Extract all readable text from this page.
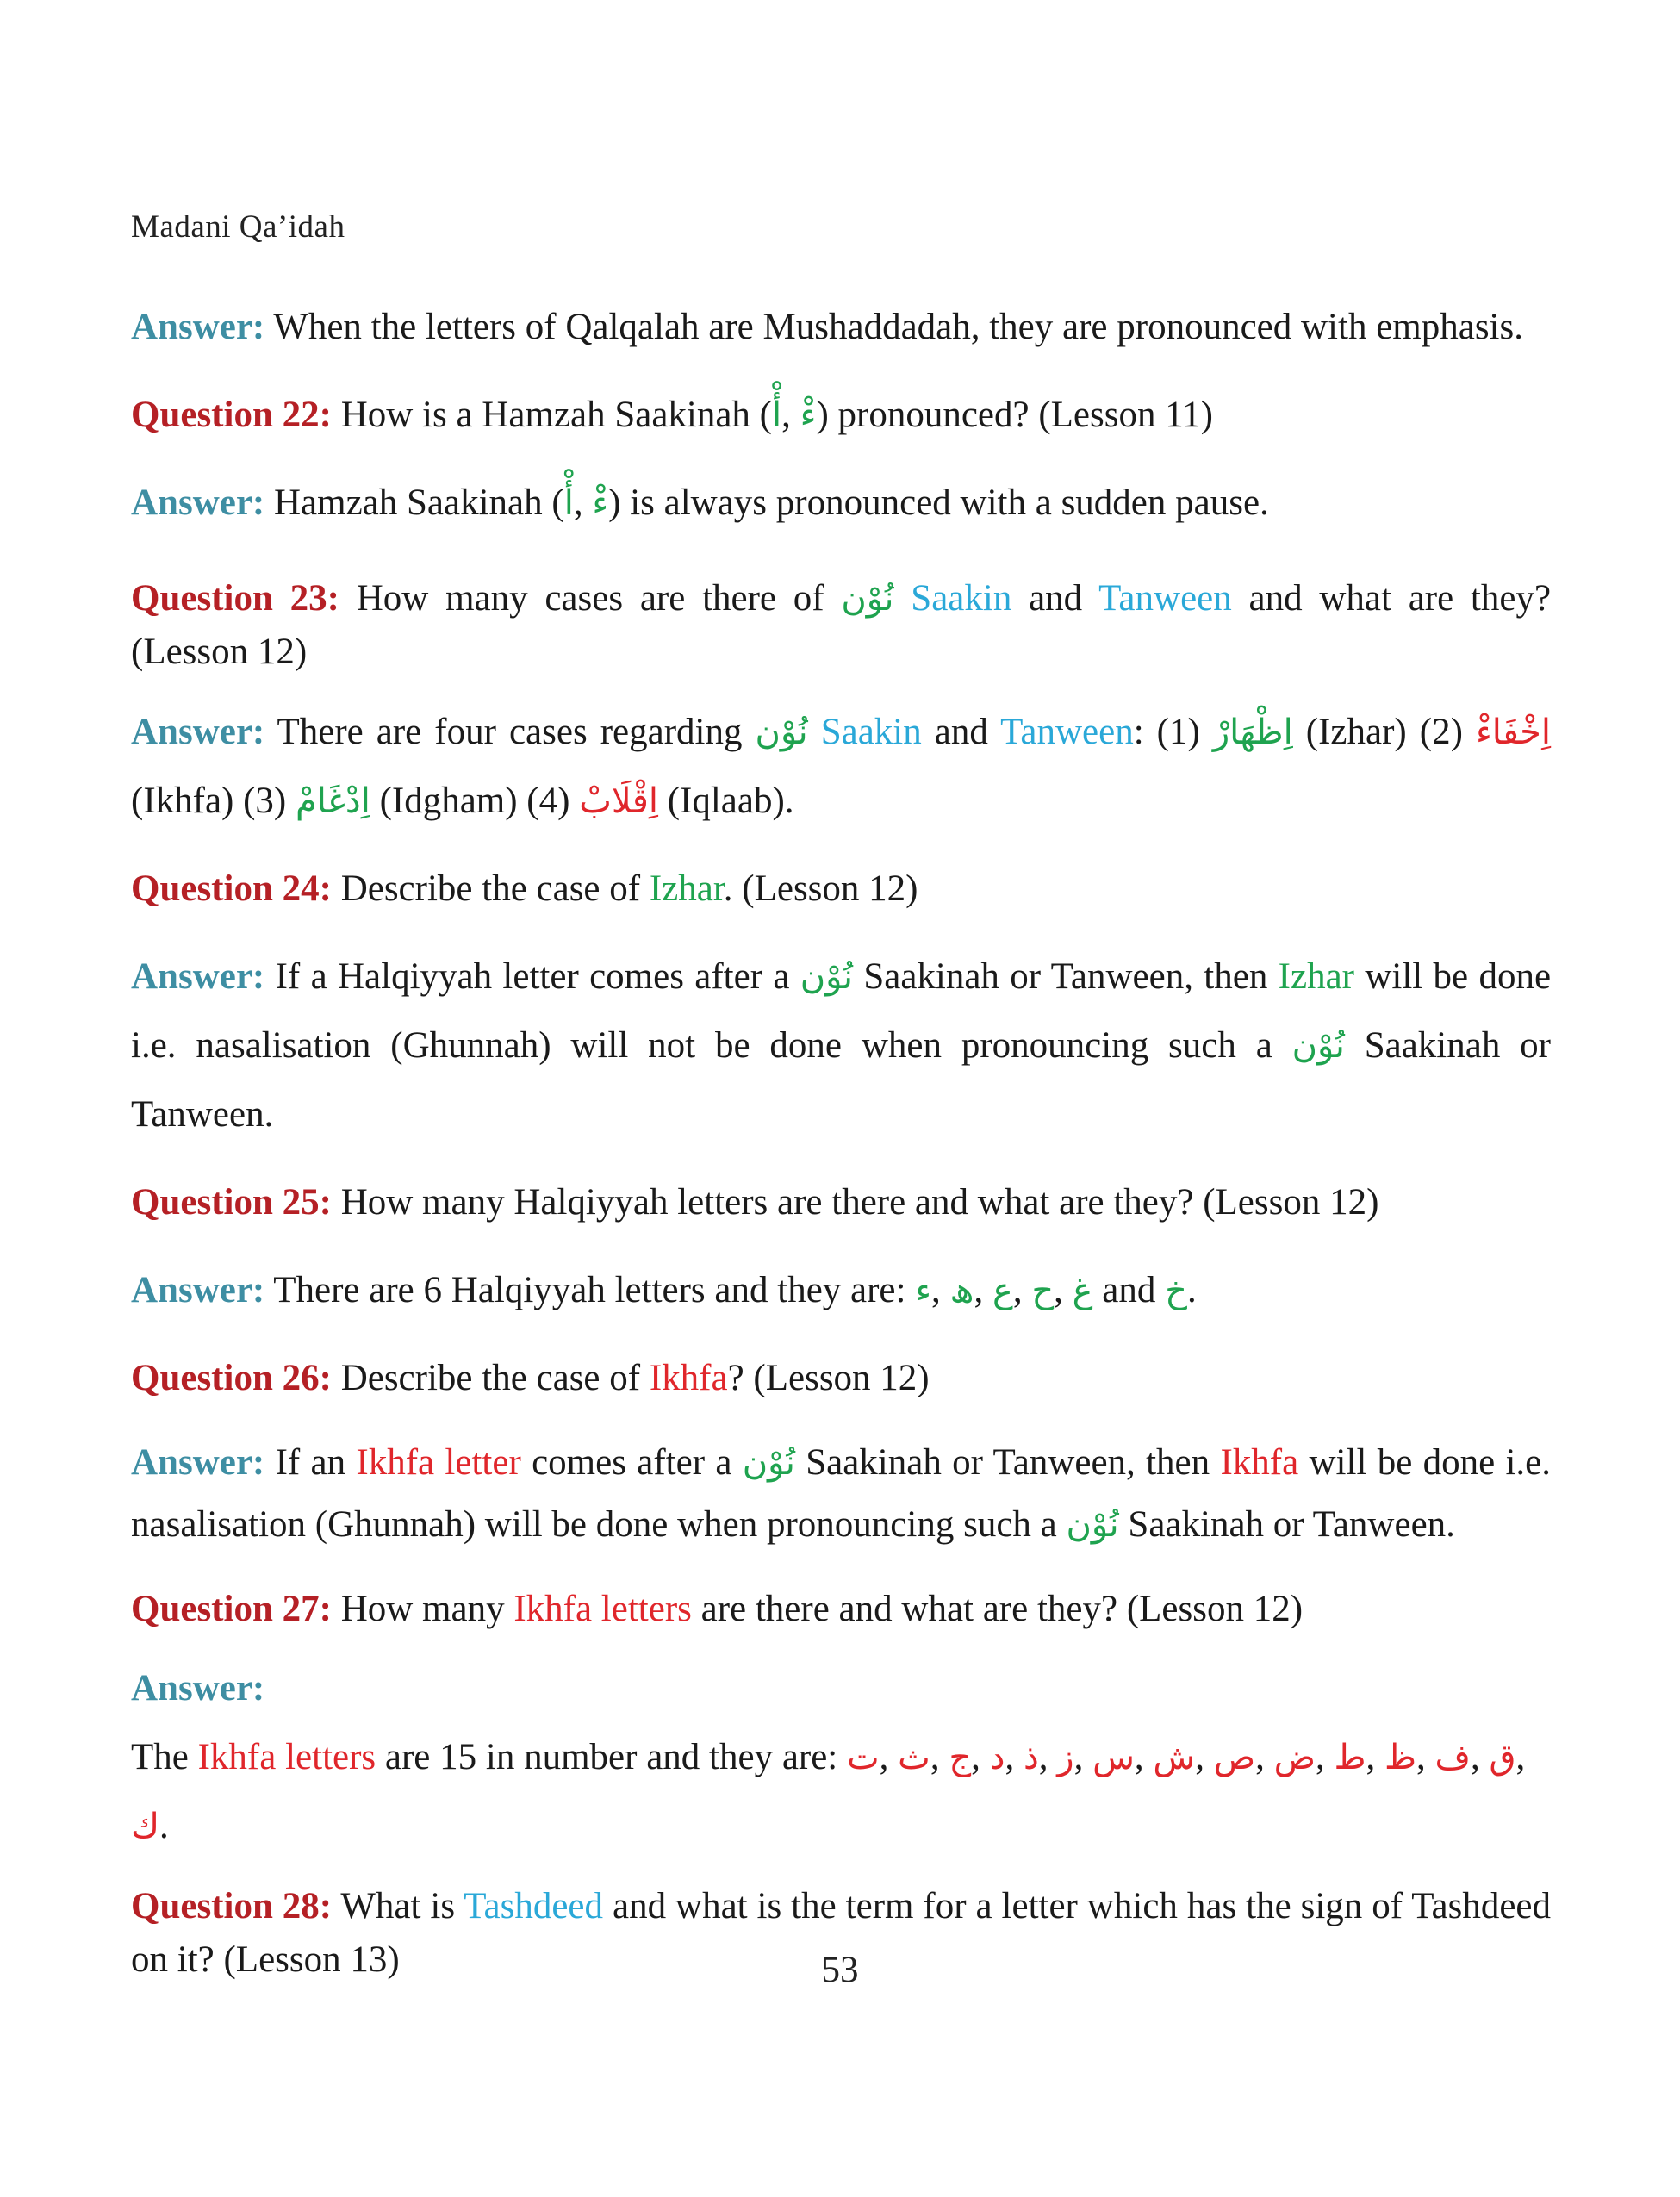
Madani Qa’idah

Answer: When the letters of Qalqalah are Mushaddadah, they are pronounced with emphasis.

Question 22: How is a Hamzah Saakinah (أْ, ءْ) pronounced? (Lesson 11)

Answer: Hamzah Saakinah (أْ, ءْ) is always pronounced with a sudden pause.

Question 23: How many cases are there of نُوْن Saakin and Tanween and what are they? (Lesson 12)

Answer: There are four cases regarding نُوْن Saakin and Tanween: (1) اِظْهَارْ (Izhar) (2) اِخْفَاءْ (Ikhfa) (3) اِدْغَامْ (Idgham) (4) اِقْلَابْ (Iqlaab).

Question 24: Describe the case of Izhar. (Lesson 12)

Answer: If a Halqiyyah letter comes after a نُوْن Saakinah or Tanween, then Izhar will be done i.e. nasalisation (Ghunnah) will not be done when pronouncing such a نُوْن Saakinah or Tanween.

Question 25: How many Halqiyyah letters are there and what are they? (Lesson 12)

Answer: There are 6 Halqiyyah letters and they are: ء, ھ, ع, ح, غ and خ.

Question 26: Describe the case of Ikhfa? (Lesson 12)

Answer: If an Ikhfa letter comes after a نُوْن Saakinah or Tanween, then Ikhfa will be done i.e. nasalisation (Ghunnah) will be done when pronouncing such a نُوْن Saakinah or Tanween.

Question 27: How many Ikhfa letters are there and what are they? (Lesson 12)

Answer:

The Ikhfa letters are 15 in number and they are: ت, ث, ج, د, ذ, ز, س, ش, ص, ض, ط, ظ, ف, ق, ك.

Question 28: What is Tashdeed and what is the term for a letter which has the sign of Tashdeed on it? (Lesson 13)	53
